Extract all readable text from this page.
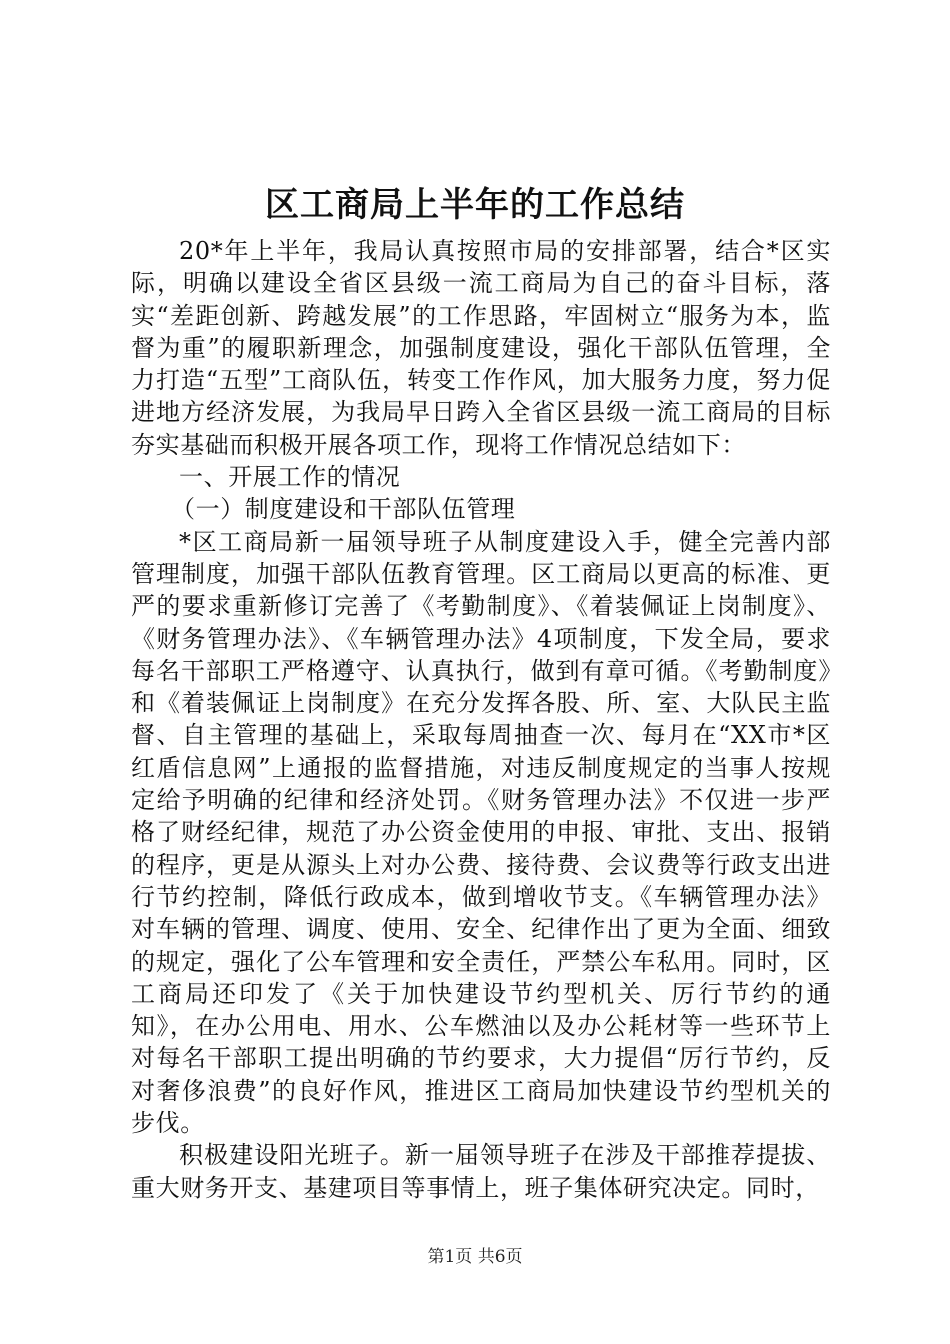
区工商局上半年的工作总结

20*年上半年，我局认真按照市局的安排部署，结合*区实际，明确以建设全省区县级一流工商局为自己的奋斗目标，落实“差距创新、跨越发展”的工作思路，牢固树立“服务为本，监督为重”的履职新理念，加强制度建设，强化干部队伍管理，全力打造“五型”工商队伍，转变工作作风，加大服务力度，努力促进地方经济发展，为我局早日跨入全省区县级一流工商局的目标夯实基础而积极开展各项工作，现将工作情况总结如下：

一、开展工作的情况

（一）制度建设和干部队伍管理

*区工商局新一届领导班子从制度建设入手，健全完善内部管理制度，加强干部队伍教育管理。区工商局以更高的标准、更严的要求重新修订完善了《考勤制度》、《着装佩证上岗制度》、《财务管理办法》、《车辆管理办法》4项制度，下发全局，要求每名干部职工严格遵守、认真执行，做到有章可循。《考勤制度》和《着装佩证上岗制度》在充分发挥各股、所、室、大队民主监督、自主管理的基础上，采取每周抽查一次、每月在“XX市*区红盾信息网”上通报的监督措施，对违反制度规定的当事人按规定给予明确的纪律和经济处罚。《财务管理办法》不仅进一步严格了财经纪律，规范了办公资金使用的申报、审批、支出、报销的程序，更是从源头上对办公费、接待费、会议费等行政支出进行节约控制，降低行政成本，做到增收节支。《车辆管理办法》对车辆的管理、调度、使用、安全、纪律作出了更为全面、细致的规定，强化了公车管理和安全责任，严禁公车私用。同时，区工商局还印发了《关于加快建设节约型机关、厉行节约的通知》，在办公用电、用水、公车燃油以及办公耗材等一些环节上对每名干部职工提出明确的节约要求，大力提倡“厉行节约，反对奢侈浪费”的良好作风，推进区工商局加快建设节约型机关的步伐。

积极建设阳光班子。新一届领导班子在涉及干部推荐提拔、重大财务开支、基建项目等事情上，班子集体研究决定。同时，

第1页 共6页
